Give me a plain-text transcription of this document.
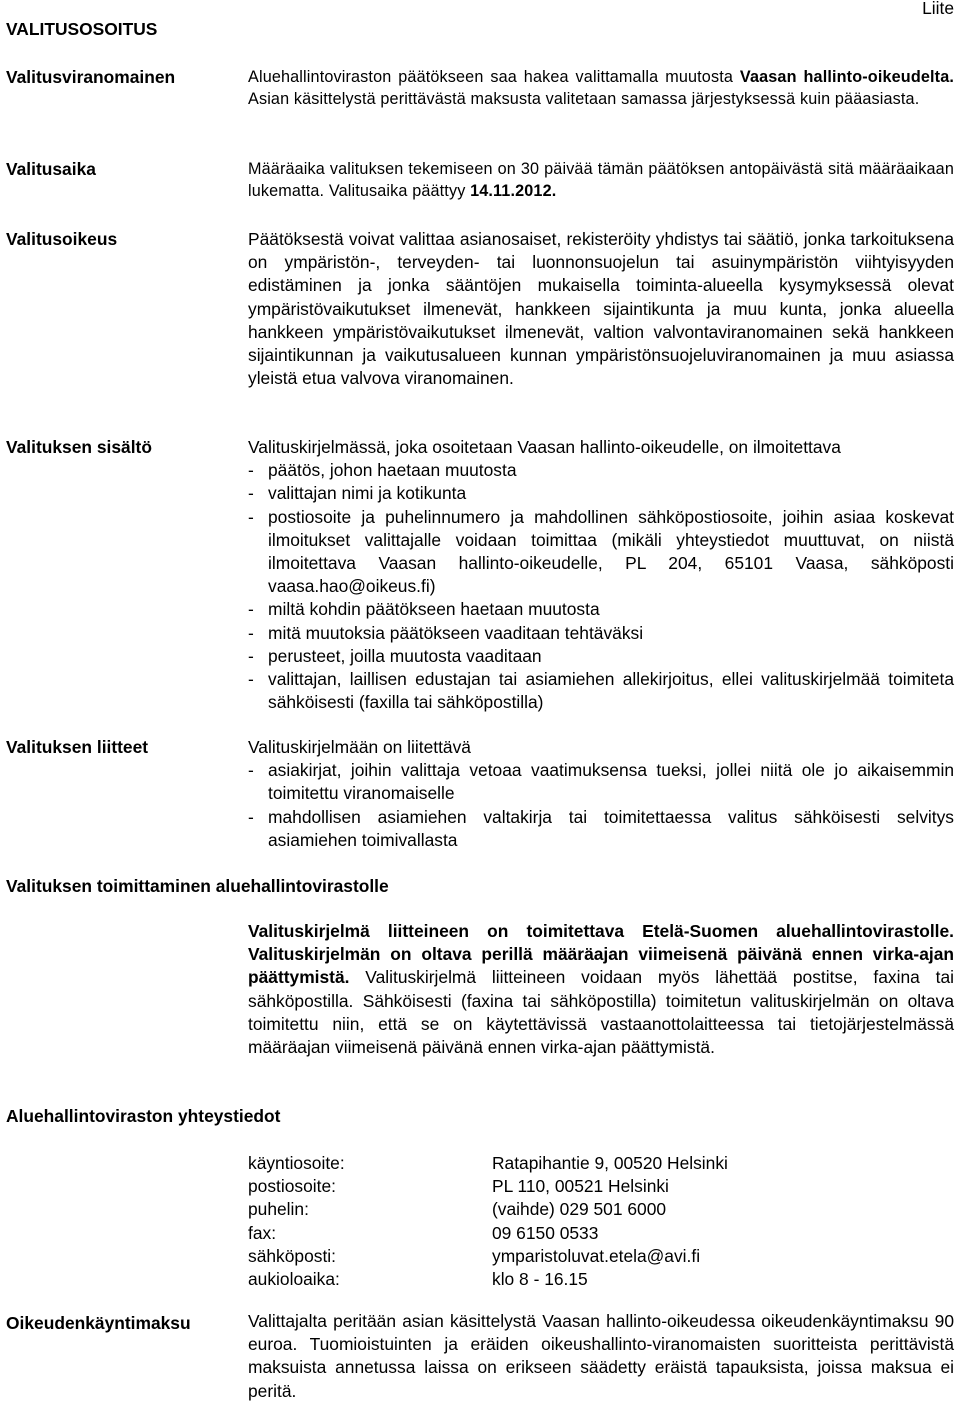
VALITUSOSOITUS
Liite
Valitusviranomainen	Aluehallintoviraston päätökseen saa hakea valittamalla muutosta Vaasan hallinto-oikeudelta. Asian käsittelystä perittävästä maksusta valitetaan samassa järjestyksessä kuin pääasiasta.

Valitusaika	Määräaika valituksen tekemiseen on 30 päivää tämän päätöksen antopäivästä sitä määräaikaan lukematta. Valitusaika päättyy 14.11.2012.

Valitusoikeus	Päätöksestä voivat valittaa asianosaiset, rekisteröity yhdistys tai säätiö, jonka tarkoituksena on ympäristön-, terveyden- tai luonnonsuojelun tai asuinympäristön viihtyisyyden edistäminen ja jonka sääntöjen mukaisella toiminta-alueella kysymyksessä olevat ympäristövaikutukset ilmenevät, hankkeen sijaintikunta ja muu kunta, jonka alueella hankkeen ympäristövaikutukset ilmenevät, valtion valvontaviranomainen sekä hankkeen sijaintikunnan ja vaikutusalueen kunnan ympäristönsuojeluviranomainen ja muu asiassa yleistä etua valvova viranomainen.

Valituksen sisältö	Valituskirjelmässä, joka osoitetaan Vaasan hallinto-oikeudelle, on ilmoitettava

- päätös, johon haetaan muutosta
- valittajan nimi ja kotikunta
- postiosoite ja puhelinnumero ja mahdollinen sähköpostiosoite, joihin asiaa koskevat ilmoitukset valittajalle voidaan toimittaa (mikäli yhteystiedot muuttuvat, on niistä ilmoitettava Vaasan hallinto-oikeudelle, PL 204, 65101 Vaasa, sähköposti vaasa.hao@oikeus.fi)
- miltä kohdin päätökseen haetaan muutosta
- mitä muutoksia päätökseen vaaditaan tehtäväksi
- perusteet, joilla muutosta vaaditaan
- valittajan, laillisen edustajan tai asiamiehen allekirjoitus, ellei valituskirjelmää toimiteta sähköisesti (faxilla tai sähköpostilla)
Valituksen liitteet	Valituskirjelmään on liitettävä

- asiakirjat, joihin valittaja vetoaa vaatimuksensa tueksi, jollei niitä ole jo aikaisemmin toimitettu viranomaiselle
- mahdollisen asiamiehen valtakirja tai toimitettaessa valitus sähköisesti selvitys asiamiehen toimivallasta
Valituksen toimittaminen aluehallintovirastolle

Valituskirjelmä liitteineen on toimitettava Etelä-Suomen aluehallintovirastolle. Valituskirjelmän on oltava perillä määräajan viimeisenä päivänä ennen virka-ajan päättymistä. Valituskirjelmä liitteineen voidaan myös lähettää postitse, faxina tai sähköpostilla. Sähköisesti (faxina tai sähköpostilla) toimitetun valituskirjelmän on oltava toimitettu niin, että se on käytettävissä vastaanottolaitteessa tai tietojärjestelmässä määräajan viimeisenä päivänä ennen virka-ajan päättymistä.

Aluehallintoviraston yhteystiedot
käyntiosoite:	Ratapihantie 9, 00520 Helsinki
postiosoite:	PL 110, 00521 Helsinki
puhelin:	(vaihde) 029 501 6000
fax:	09 6150 0533
sähköposti:	ymparistoluvat.etela@avi.fi
aukioloaika:	klo 8 - 16.15
Oikeudenkäyntimaksu	Valittajalta peritään asian käsittelystä Vaasan hallinto-oikeudessa oikeudenkäyntimaksu 90 euroa. Tuomioistuinten ja eräiden oikeushallinto-viranomaisten suoritteista perittävistä maksuista annetussa laissa on erikseen säädetty eräistä tapauksista, joissa maksua ei peritä.
